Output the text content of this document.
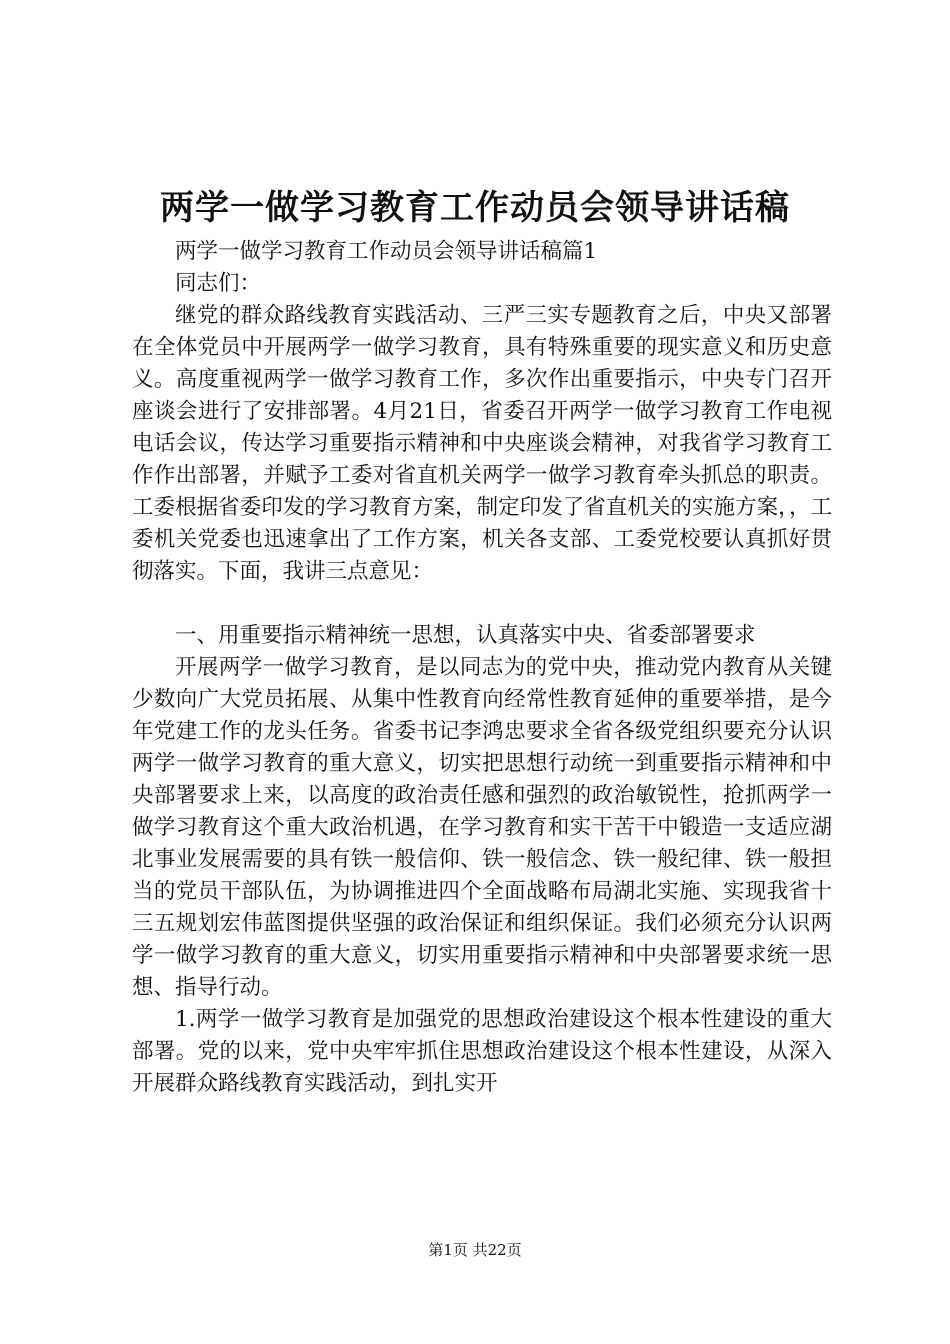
两学一做学习教育工作动员会领导讲话稿

两学一做学习教育工作动员会领导讲话稿篇1

同志们：

继党的群众路线教育实践活动、三严三实专题教育之后，中央又部署在全体党员中开展两学一做学习教育，具有特殊重要的现实意义和历史意义。高度重视两学一做学习教育工作，多次作出重要指示，中央专门召开座谈会进行了安排部署。4月21日，省委召开两学一做学习教育工作电视电话会议，传达学习重要指示精神和中央座谈会精神，对我省学习教育工作作出部署，并赋予工委对省直机关两学一做学习教育牵头抓总的职责。工委根据省委印发的学习教育方案，制定印发了省直机关的实施方案，，工委机关党委也迅速拿出了工作方案，机关各支部、工委党校要认真抓好贯彻落实。下面，我讲三点意见：

一、用重要指示精神统一思想，认真落实中央、省委部署要求

开展两学一做学习教育，是以同志为的党中央，推动党内教育从关键少数向广大党员拓展、从集中性教育向经常性教育延伸的重要举措，是今年党建工作的龙头任务。省委书记李鸿忠要求全省各级党组织要充分认识两学一做学习教育的重大意义，切实把思想行动统一到重要指示精神和中央部署要求上来，以高度的政治责任感和强烈的政治敏锐性，抢抓两学一做学习教育这个重大政治机遇，在学习教育和实干苦干中锻造一支适应湖北事业发展需要的具有铁一般信仰、铁一般信念、铁一般纪律、铁一般担当的党员干部队伍，为协调推进四个全面战略布局湖北实施、实现我省十三五规划宏伟蓝图提供坚强的政治保证和组织保证。我们必须充分认识两学一做学习教育的重大意义，切实用重要指示精神和中央部署要求统一思想、指导行动。

1.两学一做学习教育是加强党的思想政治建设这个根本性建设的重大部署。党的以来，党中央牢牢抓住思想政治建设这个根本性建设，从深入开展群众路线教育实践活动，到扎实开

第1页 共22页
